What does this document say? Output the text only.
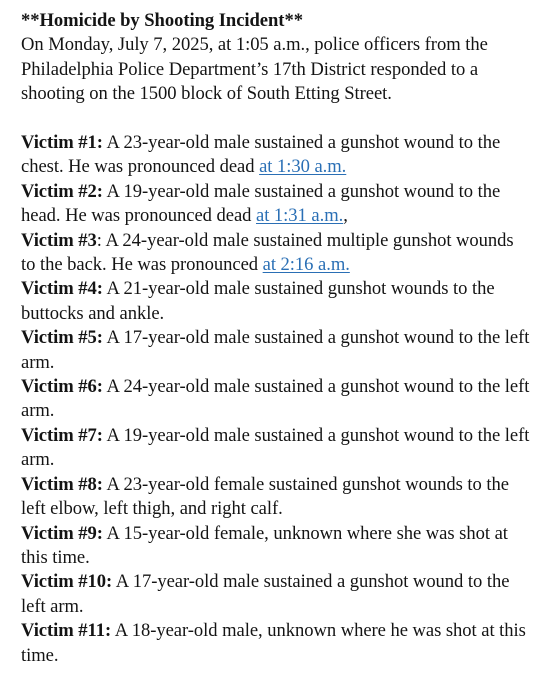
**Homicide by Shooting Incident**

On Monday, July 7, 2025, at 1:05 a.m., police officers from the Philadelphia Police Department’s 17th District responded to a shooting on the 1500 block of South Etting Street.

Victim #1: A 23-year-old male sustained a gunshot wound to the chest. He was pronounced dead at 1:30 a.m.

Victim #2: A 19-year-old male sustained a gunshot wound to the head. He was pronounced dead at 1:31 a.m.,

Victim #3: A 24-year-old male sustained multiple gunshot wounds to the back. He was pronounced at 2:16 a.m.

Victim #4: A 21-year-old male sustained gunshot wounds to the buttocks and ankle.

Victim #5: A 17-year-old male sustained a gunshot wound to the left arm.

Victim #6: A 24-year-old male sustained a gunshot wound to the left arm.

Victim #7: A 19-year-old male sustained a gunshot wound to the left arm.

Victim #8: A 23-year-old female sustained gunshot wounds to the left elbow, left thigh, and right calf.

Victim #9: A 15-year-old female, unknown where she was shot at this time.

Victim #10: A 17-year-old male sustained a gunshot wound to the left arm.

Victim #11: A 18-year-old male, unknown where he was shot at this time.
